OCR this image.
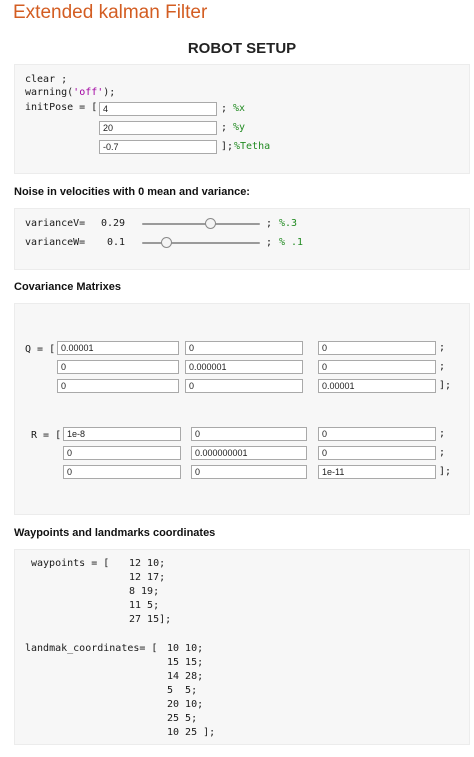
Extended kalman Filter
ROBOT SETUP
clear ;
warning('off');
initPose = [ 4	; %x
20	; %y
-0.7	]; %Tetha
Noise in velocities with 0 mean and variance:
varianceV= 0.29	; %.3
varianceW= 0.1	; % .1
Covariance Matrixes
Q = [
R = [
0.00001	0	0	;
0	0.000001	0	;
0	0	0.00001	];
1e-8	0	0	;
0	0.000000001	0	;
0	0	1e-11	];
Waypoints and landmarks coordinates
waypoints = [ 12 10;
12 17;
8 19;
11 5;
27 15];
landmak_coordinates= [ 10 10;
15 15;
14 28;
5  5;
20 10;
25 5;
10 25 ];
